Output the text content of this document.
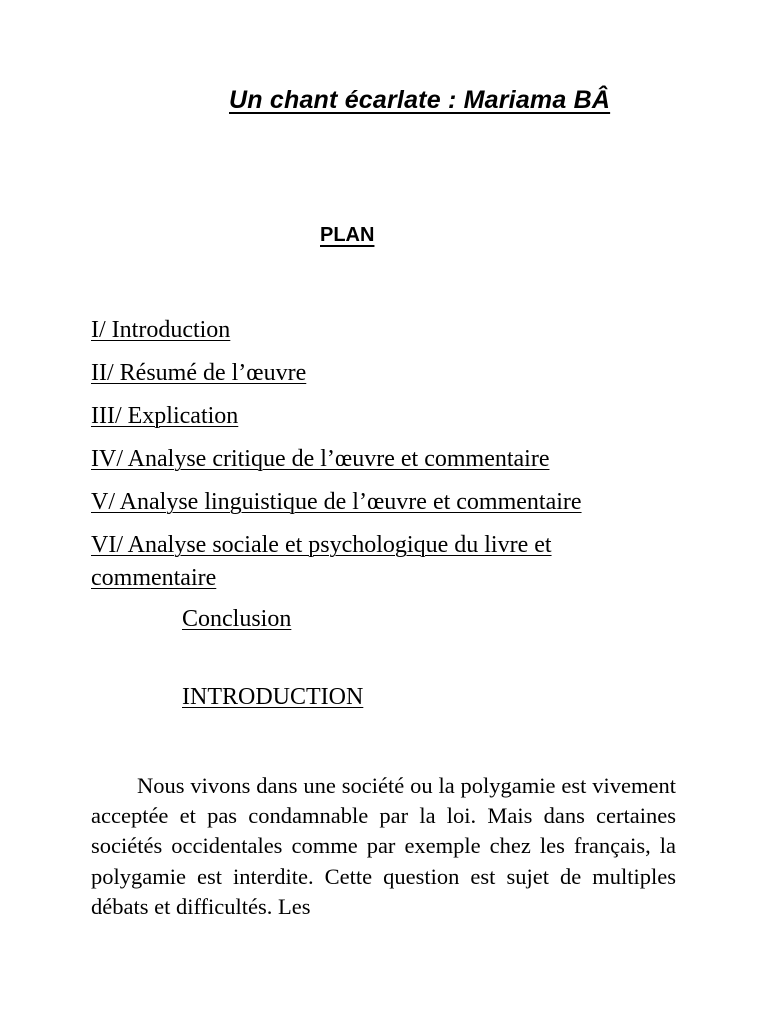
Un chant écarlate : Mariama BÂ
PLAN
I/ Introduction
II/ Résumé de l’œuvre
III/ Explication
IV/ Analyse critique de l’œuvre et commentaire
V/ Analyse linguistique de l’œuvre et commentaire
VI/ Analyse sociale et psychologique du livre et commentaire
Conclusion
INTRODUCTION

Nous vivons dans une société ou la polygamie est vivement acceptée et pas condamnable par la loi. Mais dans certaines sociétés occidentales comme par exemple chez les français, la polygamie est interdite. Cette question est sujet de multiples débats et difficultés. Les
